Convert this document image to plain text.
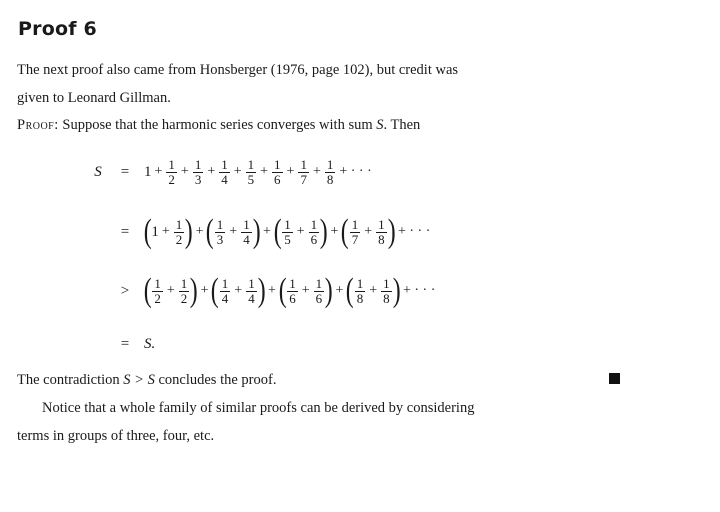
Proof 6
The next proof also came from Honsberger (1976, page 102), but credit was
given to Leonard Gillman.
Proof: Suppose that the harmonic series converges with sum S. Then
$S = 1 + \frac{1}{2} + \frac{1}{3} + \frac{1}{4} + \frac{1}{5} + \frac{1}{6} + \frac{1}{7} + \frac{1}{8}$ + · · ·
= ( $1 + \frac{1}{2}$ ) + ( $\frac{1}{3} + \frac{1}{4}$ ) + ( $\frac{1}{5} + \frac{1}{6}$ ) + ( $\frac{1}{7} + \frac{1}{8}$ ) + · · ·
> ( $\frac{1}{2} + \frac{1}{2}$ ) + ( $\frac{1}{4} + \frac{1}{4}$ ) + ( $\frac{1}{6} + \frac{1}{6}$ ) + ( $\frac{1}{8} + \frac{1}{8}$ ) + · · ·
= S.
The contradiction S > S concludes the proof.
Notice that a whole family of similar proofs can be derived by considering
terms in groups of three, four, etc.
